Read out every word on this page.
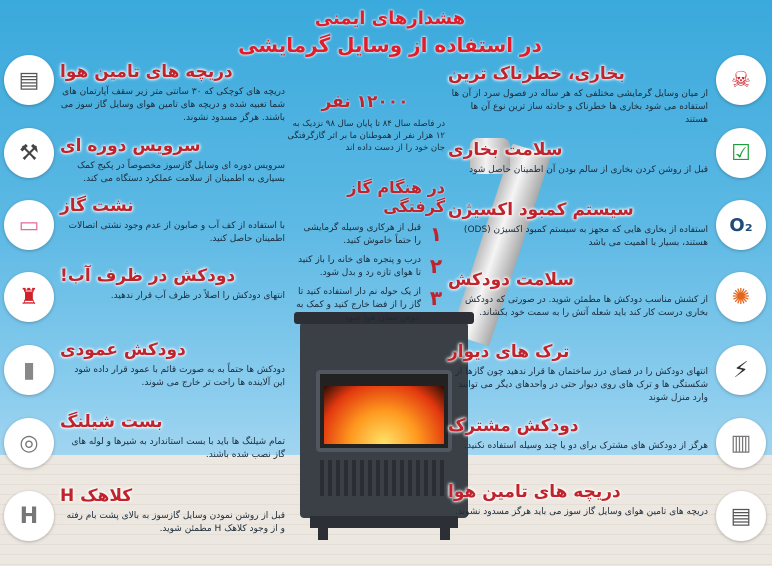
هشدارهای ایمنی
در استفاده از وسایل گرمایشی
۱۲۰۰۰ نفر

در فاصله سال ۸۴ تا پایان سال ۹۸ نزدیک به ۱۲ هزار نفر از هموطنان ما بر اثر گازگرفتگی جان خود را از دست داده اند

در هنگام گاز گرفتگی
۱
قبل از هرکاری وسیله گرمایشی را حتماً خاموش کنید.
۲
درب و پنجره های خانه را باز کنید تا هوای تازه رد و بدل شود.
۳
از یک حوله نم دار استفاده کنید تا گاز را از فضا خارج کنید و کمک به عوض شدن هوا شود.
☠
☑
O₂
✺
⚡
▥
▤
بخاری، خطرناک ترین

از میان وسایل گرمایشی مختلفی که هر ساله در فصول سرد از آن ها استفاده می شود بخاری ها خطرناک و حادثه ساز ترین نوع آن ها هستند

سلامت بخاری

قبل از روشن کردن بخاری از سالم بودن آن اطمینان حاصل شود

سیستم کمبود اکسیژن

استفاده از بخاری هایی که مجهز به سیستم کمبود اکسیژن (ODS) هستند، بسیار با اهمیت می باشد

سلامت دودکش

از کشش مناسب دودکش ها مطمئن شوید. در صورتی که دودکش بخاری درست کار کند باید شعله آتش را به سمت خود بکشاند.

ترک های دیوار

انتهای دودکش را در فضای درز ساختمان ها قرار ندهید چون گازها از شکستگی ها و ترک های روی دیوار حتی در واحدهای دیگر می توانند وارد منزل شوند

دودکش مشترک

هرگز از دودکش های مشترک برای دو یا چند وسیله استفاده نکنید.

دریچه های تامین هوا

دریچه های تامین هوای وسایل گاز سوز می باید هرگز مسدود نشوند.

▤
⚒
▭
♜
▮
◎
H
دریچه های تامین هوا

دریچه های کوچکی که ۳۰ سانتی متر زیر سقف آپارتمان های شما تعبیه شده و دریچه های تامین هوای وسایل گاز سوز می باشند. هرگز مسدود نشوند.

سرویس دوره ای

سرویس دوره ای وسایل گازسوز مخصوصاً در پکیج کمک بسیاری به اطمینان از سلامت عملکرد دستگاه می کند.

نشت گاز

با استفاده از کف آب و صابون از عدم وجود نشتی اتصالات اطمینان حاصل کنید.

دودکش در ظرف آب!

انتهای دودکش را اصلاً در ظرف آب قرار ندهید.

دودکش عمودی

دودکش ها حتماً به به صورت قائم با عمود قرار داده شود این آلاینده ها راحت تر خارج می شوند.

بست شیلنگ

تمام شیلنگ ها باید با بست استاندارد به شیرها و لوله های گاز نصب شده باشند.

کلاهک H

قبل از روشن نمودن وسایل گازسوز به بالای پشت بام رفته و از وجود کلاهک H مطمئن شوید.
